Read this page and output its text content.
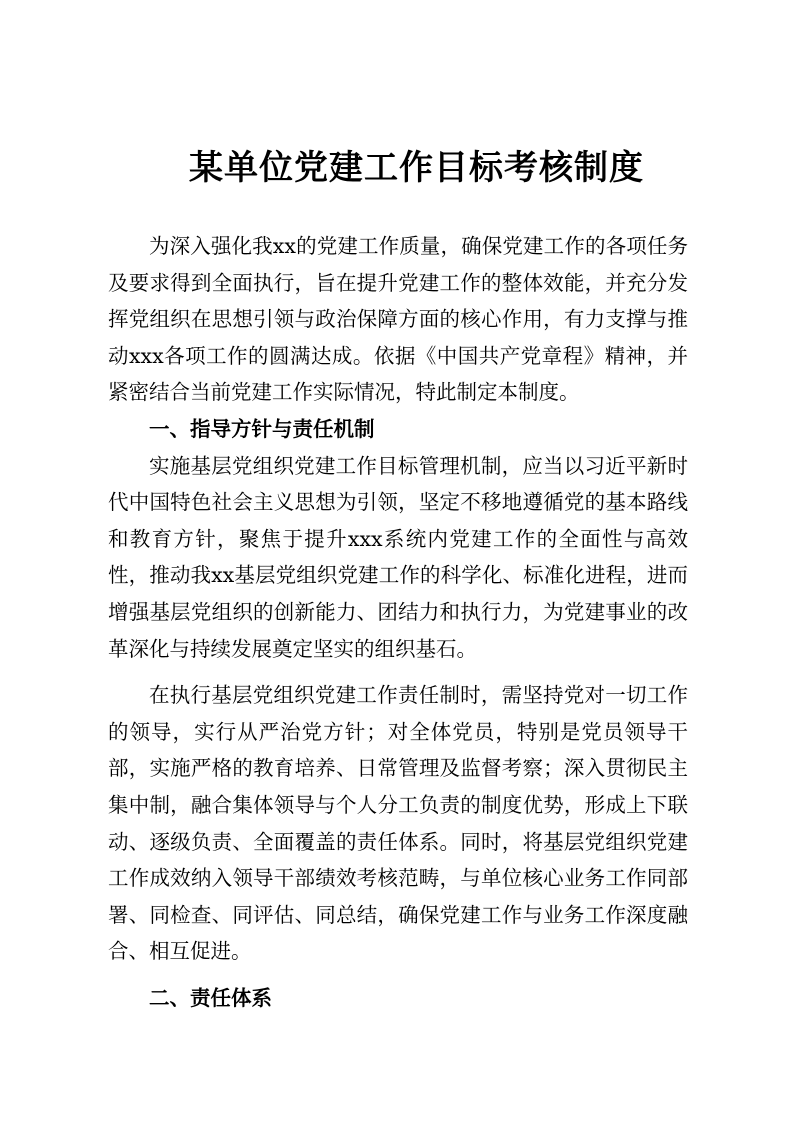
某单位党建工作目标考核制度

为深入强化我xx的党建工作质量，确保党建工作的各项任务及要求得到全面执行，旨在提升党建工作的整体效能，并充分发挥党组织在思想引领与政治保障方面的核心作用，有力支撑与推动xxx各项工作的圆满达成。依据《中国共产党章程》精神，并紧密结合当前党建工作实际情况，特此制定本制度。

一、指导方针与责任机制

实施基层党组织党建工作目标管理机制，应当以习近平新时代中国特色社会主义思想为引领，坚定不移地遵循党的基本路线和教育方针，聚焦于提升xxx系统内党建工作的全面性与高效性，推动我xx基层党组织党建工作的科学化、标准化进程，进而增强基层党组织的创新能力、团结力和执行力，为党建事业的改革深化与持续发展奠定坚实的组织基石。

在执行基层党组织党建工作责任制时，需坚持党对一切工作的领导，实行从严治党方针；对全体党员，特别是党员领导干部，实施严格的教育培养、日常管理及监督考察；深入贯彻民主集中制，融合集体领导与个人分工负责的制度优势，形成上下联动、逐级负责、全面覆盖的责任体系。同时，将基层党组织党建工作成效纳入领导干部绩效考核范畴，与单位核心业务工作同部署、同检查、同评估、同总结，确保党建工作与业务工作深度融合、相互促进。

二、责任体系
